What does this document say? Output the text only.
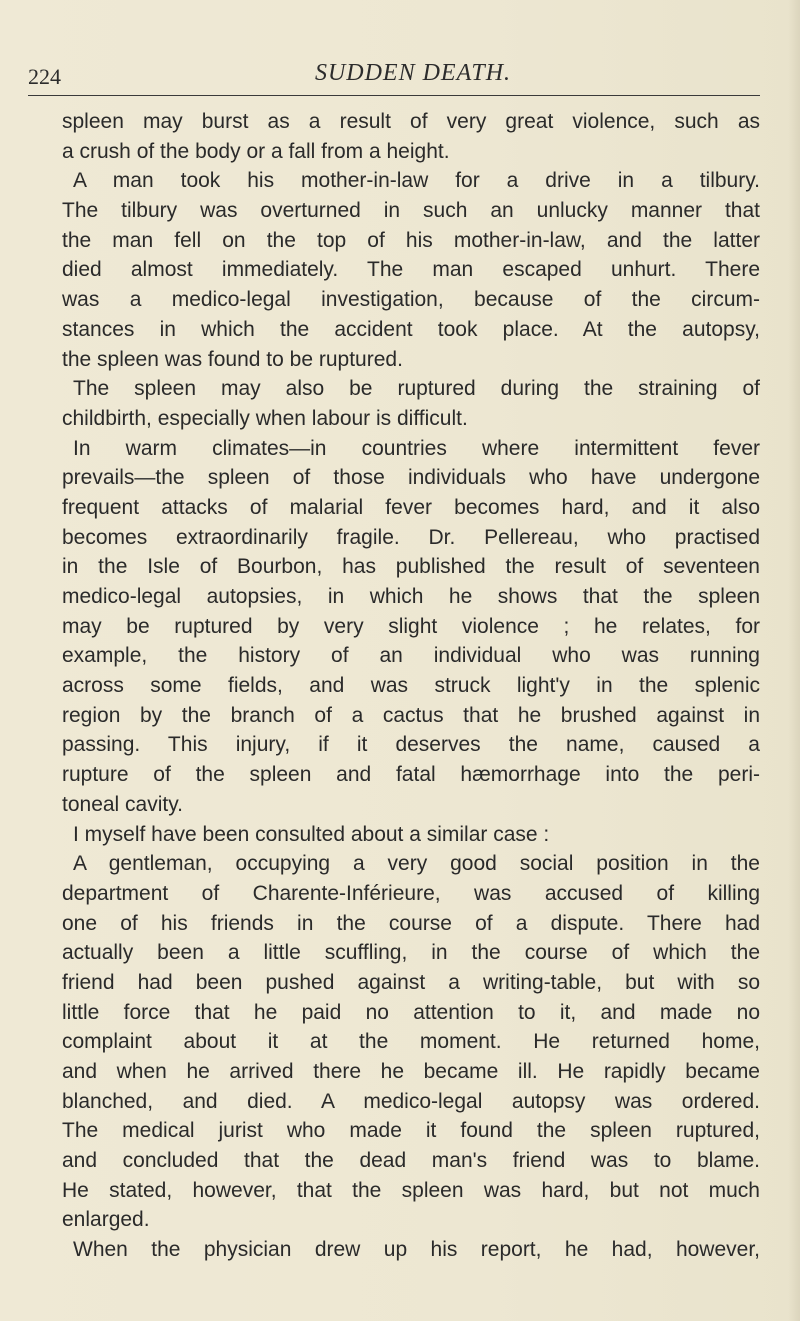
224	SUDDEN DEATH.
spleen may burst as a result of very great violence, such as
a crush of the body or a fall from a height.
A man took his mother-in-law for a drive in a tilbury.
The tilbury was overturned in such an unlucky manner that
the man fell on the top of his mother-in-law, and the latter
died almost immediately. The man escaped unhurt. There
was a medico-legal investigation, because of the circum-
stances in which the accident took place. At the autopsy,
the spleen was found to be ruptured.
The spleen may also be ruptured during the straining of
childbirth, especially when labour is difficult.
In warm climates—in countries where intermittent fever
prevails—the spleen of those individuals who have undergone
frequent attacks of malarial fever becomes hard, and it also
becomes extraordinarily fragile. Dr. Pellereau, who practised
in the Isle of Bourbon, has published the result of seventeen
medico-legal autopsies, in which he shows that the spleen
may be ruptured by very slight violence ; he relates, for
example, the history of an individual who was running
across some fields, and was struck light'y in the splenic
region by the branch of a cactus that he brushed against in
passing. This injury, if it deserves the name, caused a
rupture of the spleen and fatal hæmorrhage into the peri-
toneal cavity.
I myself have been consulted about a similar case :
A gentleman, occupying a very good social position in the
department of Charente-Inférieure, was accused of killing
one of his friends in the course of a dispute. There had
actually been a little scuffling, in the course of which the
friend had been pushed against a writing-table, but with so
little force that he paid no attention to it, and made no
complaint about it at the moment. He returned home,
and when he arrived there he became ill. He rapidly became
blanched, and died. A medico-legal autopsy was ordered.
The medical jurist who made it found the spleen ruptured,
and concluded that the dead man's friend was to blame.
He stated, however, that the spleen was hard, but not much
enlarged.
When the physician drew up his report, he had, however,
